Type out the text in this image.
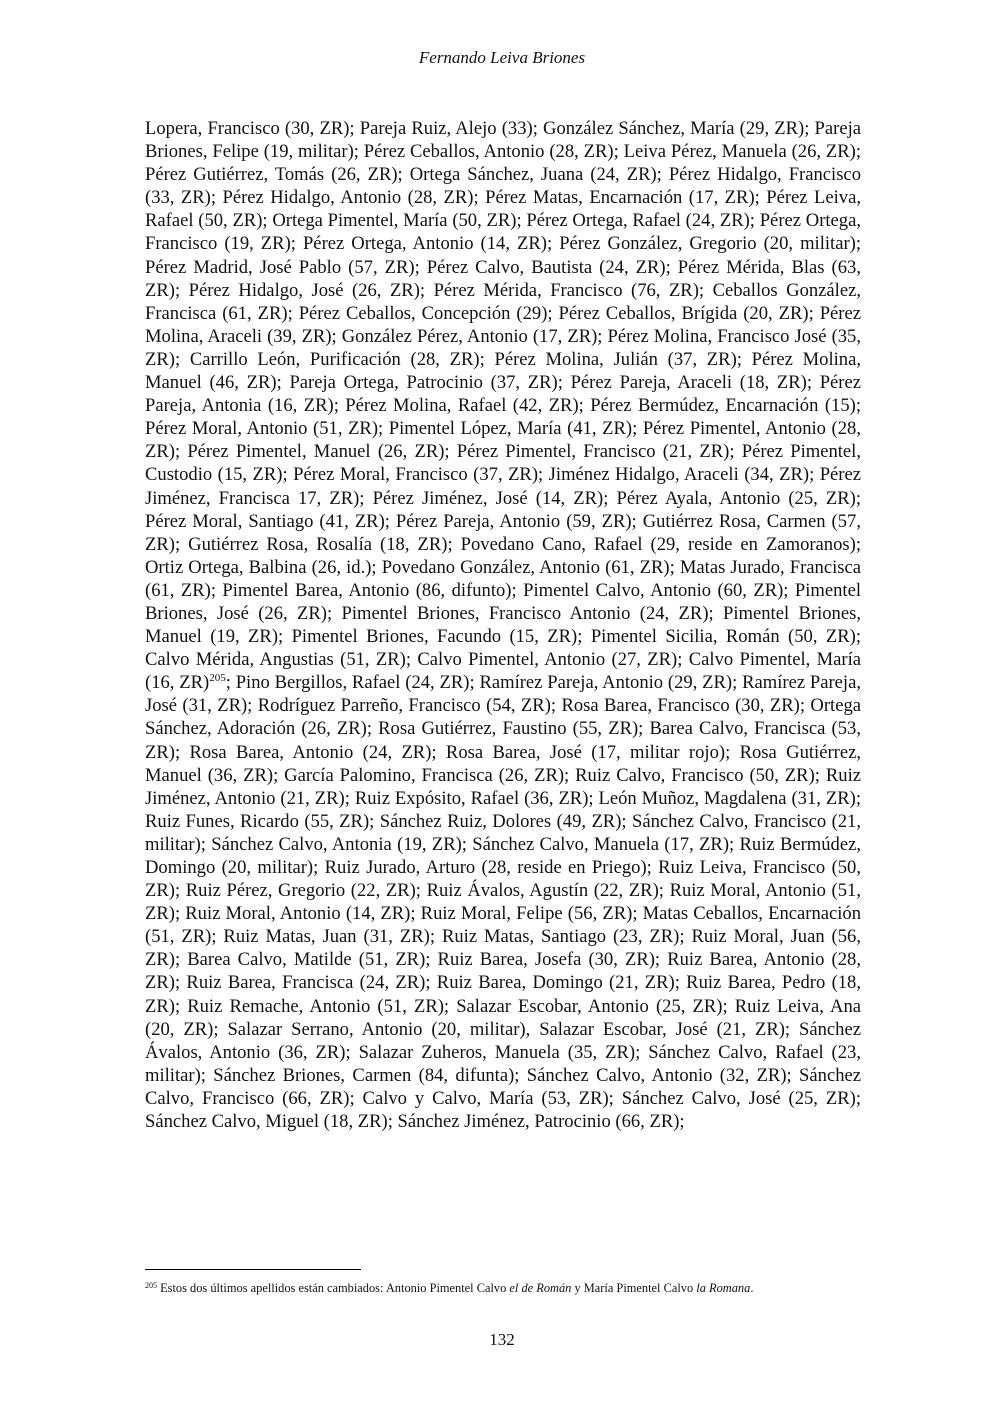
Fernando Leiva Briones

Lopera, Francisco (30, ZR); Pareja Ruiz, Alejo (33); González Sánchez, María (29, ZR); Pareja Briones, Felipe (19, militar); Pérez Ceballos, Antonio (28, ZR); Leiva Pérez, Manuela (26, ZR); Pérez Gutiérrez, Tomás (26, ZR); Ortega Sánchez, Juana (24, ZR); Pérez Hidalgo, Francisco (33, ZR); Pérez Hidalgo, Antonio (28, ZR); Pérez Matas, Encarnación (17, ZR); Pérez Leiva, Rafael (50, ZR); Ortega Pimentel, María (50, ZR); Pérez Ortega, Rafael (24, ZR); Pérez Ortega, Francisco (19, ZR); Pérez Ortega, Antonio (14, ZR); Pérez González, Gregorio (20, militar); Pérez Madrid, José Pablo (57, ZR); Pérez Calvo, Bautista (24, ZR); Pérez Mérida, Blas (63, ZR); Pérez Hidalgo, José (26, ZR); Pérez Mérida, Francisco (76, ZR); Ceballos González, Francisca (61, ZR); Pérez Ceballos, Concepción (29); Pérez Ceballos, Brígida (20, ZR); Pérez Molina, Araceli (39, ZR); González Pérez, Antonio (17, ZR); Pérez Molina, Francisco José (35, ZR); Carrillo León, Purificación (28, ZR); Pérez Molina, Julián (37, ZR); Pérez Molina, Manuel (46, ZR); Pareja Ortega, Patrocinio (37, ZR); Pérez Pareja, Araceli (18, ZR); Pérez Pareja, Antonia (16, ZR); Pérez Molina, Rafael (42, ZR); Pérez Bermúdez, Encarnación (15); Pérez Moral, Antonio (51, ZR); Pimentel López, María (41, ZR); Pérez Pimentel, Antonio (28, ZR); Pérez Pimentel, Manuel (26, ZR); Pérez Pimentel, Francisco (21, ZR); Pérez Pimentel, Custodio (15, ZR); Pérez Moral, Francisco (37, ZR); Jiménez Hidalgo, Araceli (34, ZR); Pérez Jiménez, Francisca 17, ZR); Pérez Jiménez, José (14, ZR); Pérez Ayala, Antonio (25, ZR); Pérez Moral, Santiago (41, ZR); Pérez Pareja, Antonio (59, ZR); Gutiérrez Rosa, Carmen (57, ZR); Gutiérrez Rosa, Rosalía (18, ZR); Povedano Cano, Rafael (29, reside en Zamoranos); Ortiz Ortega, Balbina (26, id.); Povedano González, Antonio (61, ZR); Matas Jurado, Francisca (61, ZR); Pimentel Barea, Antonio (86, difunto); Pimentel Calvo, Antonio (60, ZR); Pimentel Briones, José (26, ZR); Pimentel Briones, Francisco Antonio (24, ZR); Pimentel Briones, Manuel (19, ZR); Pimentel Briones, Facundo (15, ZR); Pimentel Sicilia, Román (50, ZR); Calvo Mérida, Angustias (51, ZR); Calvo Pimentel, Antonio (27, ZR); Calvo Pimentel, María (16, ZR)$^{205}$; Pino Bergillos, Rafael (24, ZR); Ramírez Pareja, Antonio (29, ZR); Ramírez Pareja, José (31, ZR); Rodríguez Parreño, Francisco (54, ZR); Rosa Barea, Francisco (30, ZR); Ortega Sánchez, Adoración (26, ZR); Rosa Gutiérrez, Faustino (55, ZR); Barea Calvo, Francisca (53, ZR); Rosa Barea, Antonio (24, ZR); Rosa Barea, José (17, militar rojo); Rosa Gutiérrez, Manuel (36, ZR); García Palomino, Francisca (26, ZR); Ruiz Calvo, Francisco (50, ZR); Ruiz Jiménez, Antonio (21, ZR); Ruiz Expósito, Rafael (36, ZR); León Muñoz, Magdalena (31, ZR); Ruiz Funes, Ricardo (55, ZR); Sánchez Ruiz, Dolores (49, ZR); Sánchez Calvo, Francisco (21, militar); Sánchez Calvo, Antonia (19, ZR); Sánchez Calvo, Manuela (17, ZR); Ruiz Bermúdez, Domingo (20, militar); Ruiz Jurado, Arturo (28, reside en Priego); Ruiz Leiva, Francisco (50, ZR); Ruiz Pérez, Gregorio (22, ZR); Ruiz Ávalos, Agustín (22, ZR); Ruiz Moral, Antonio (51, ZR); Ruiz Moral, Antonio (14, ZR); Ruiz Moral, Felipe (56, ZR); Matas Ceballos, Encarnación (51, ZR); Ruiz Matas, Juan (31, ZR); Ruiz Matas, Santiago (23, ZR); Ruiz Moral, Juan (56, ZR); Barea Calvo, Matilde (51, ZR); Ruiz Barea, Josefa (30, ZR); Ruiz Barea, Antonio (28, ZR); Ruiz Barea, Francisca (24, ZR); Ruiz Barea, Domingo (21, ZR); Ruiz Barea, Pedro (18, ZR); Ruiz Remache, Antonio (51, ZR); Salazar Escobar, Antonio (25, ZR); Ruiz Leiva, Ana (20, ZR); Salazar Serrano, Antonio (20, militar), Salazar Escobar, José (21, ZR); Sánchez Ávalos, Antonio (36, ZR); Salazar Zuheros, Manuela (35, ZR); Sánchez Calvo, Rafael (23, militar); Sánchez Briones, Carmen (84, difunta); Sánchez Calvo, Antonio (32, ZR); Sánchez Calvo, Francisco (66, ZR); Calvo y Calvo, María (53, ZR); Sánchez Calvo, José (25, ZR); Sánchez Calvo, Miguel (18, ZR); Sánchez Jiménez, Patrocinio (66, ZR);

$^{205}$ Estos dos últimos apellidos están cambiados: Antonio Pimentel Calvo el de Román y María Pimentel Calvo la Romana.

132
